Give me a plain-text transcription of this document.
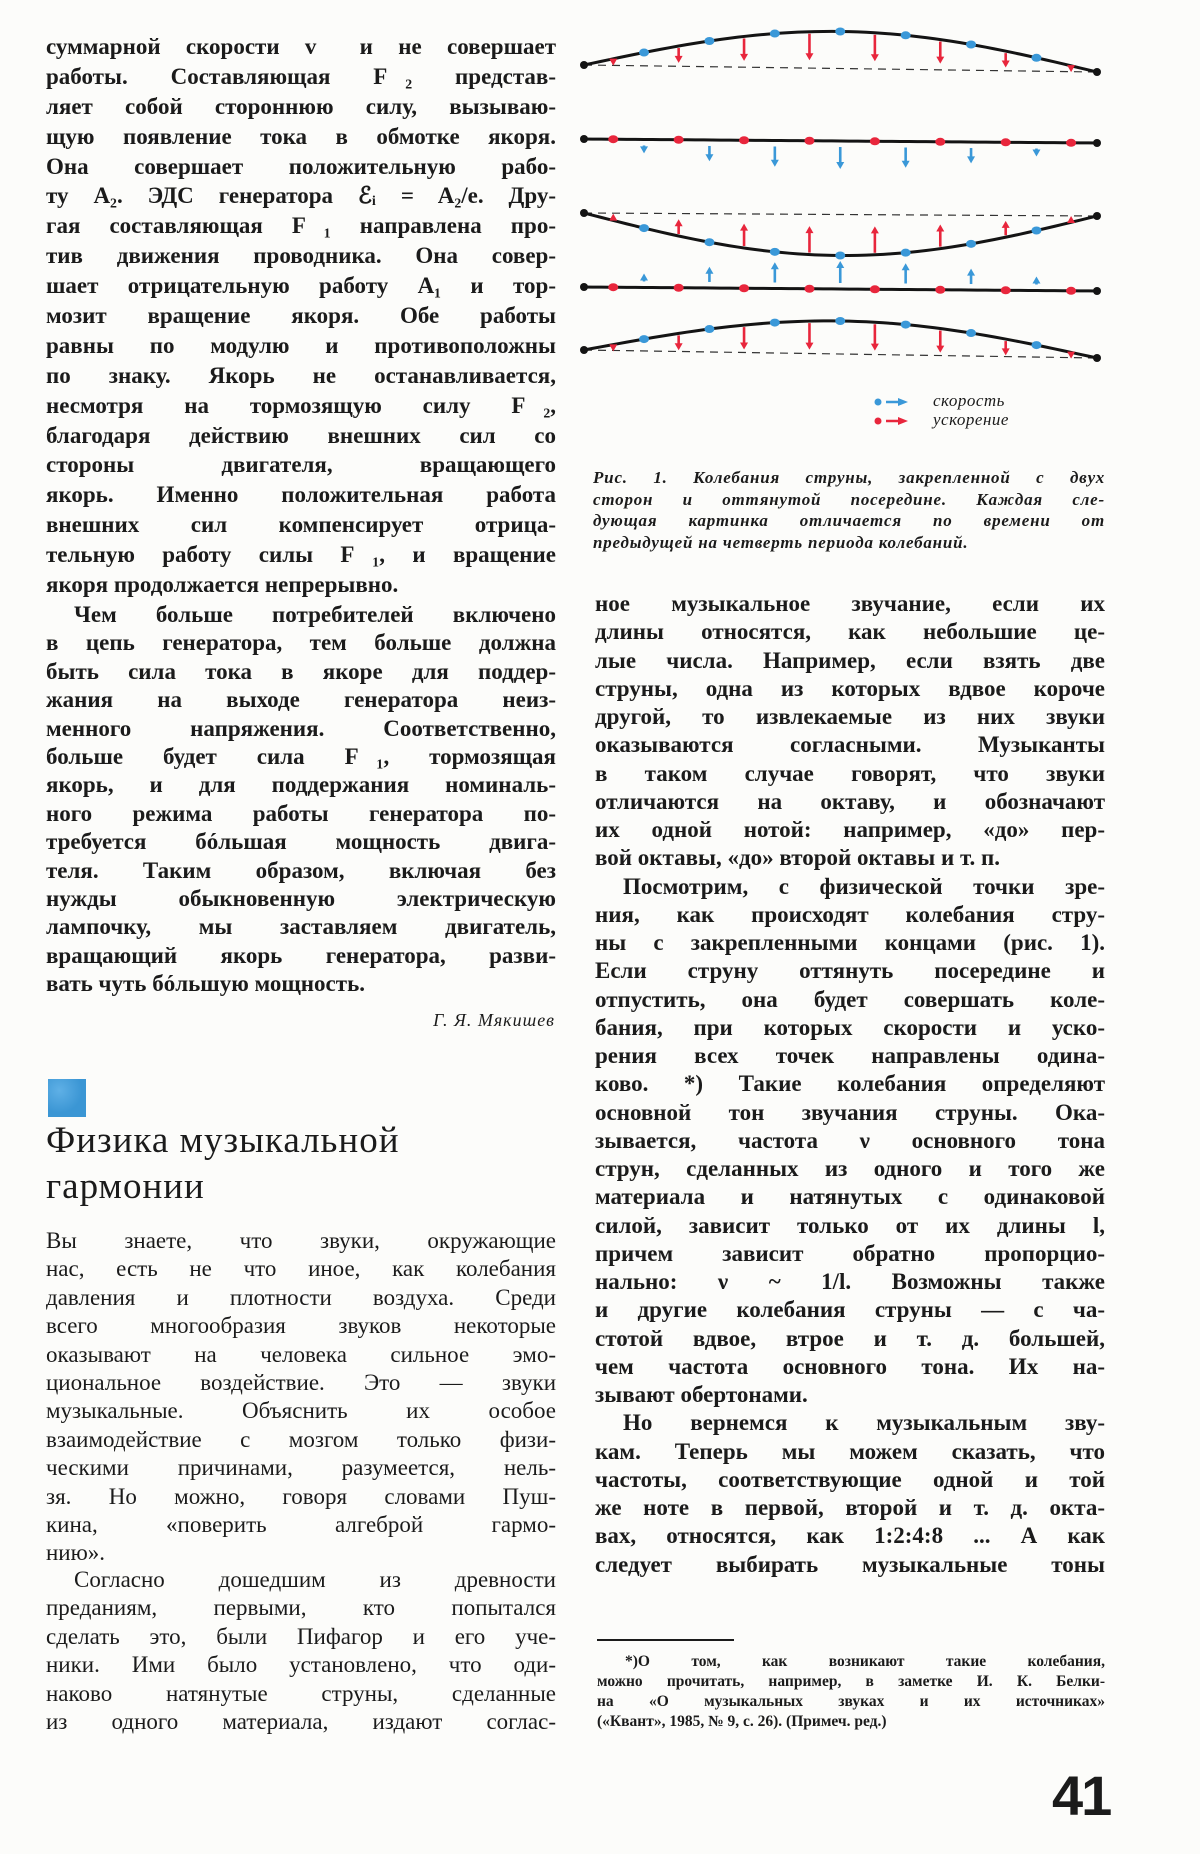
суммарной скорости v⃗ и не совершает
работы. Составляющая F⃗₂ представ-
ляет собой стороннюю силу, вызываю-
щую появление тока в обмотке якоря.
Она совершает положительную рабо-
ту A₂. ЭДС генератора ℰᵢ = A₂/e. Дру-
гая составляющая F⃗₁ направлена про-
тив движения проводника. Она совер-
шает отрицательную работу A₁ и тор-
мозит вращение якоря. Обе работы
равны по модулю и противоположны
по знаку. Якорь не останавливается,
несмотря на тормозящую силу F⃗₂,
благодаря действию внешних сил со
стороны двигателя, вращающего
якорь. Именно положительная работа
внешних сил компенсирует отрица-
тельную работу силы F⃗₁, и вращение
якоря продолжается непрерывно.
Чем больше потребителей включено
в цепь генератора, тем больше должна
быть сила тока в якоре для поддер-
жания на выходе генератора неиз-
менного напряжения. Соответственно,
больше будет сила F⃗₁, тормозящая
якорь, и для поддержания номиналь-
ного режима работы генератора по-
требуется бóльшая мощность двига-
теля. Таким образом, включая без
нужды обыкновенную электрическую
лампочку, мы заставляем двигатель,
вращающий якорь генератора, разви-
вать чуть бóльшую мощность.
Г. Я. Мякишев
Физика музыкальной
гармонии
Вы знаете, что звуки, окружающие
нас, есть не что иное, как колебания
давления и плотности воздуха. Среди
всего многообразия звуков некоторые
оказывают на человека сильное эмо-
циональное воздействие. Это — звуки
музыкальные. Объяснить их особое
взаимодействие с мозгом только физи-
ческими причинами, разумеется, нель-
зя. Но можно, говоря словами Пуш-
кина, «поверить алгеброй гармо-
нию».
Согласно дошедшим из древности
преданиям, первыми, кто попытался
сделать это, были Пифагор и его уче-
ники. Ими было установлено, что оди-
наково натянутые струны, сделанные
из одного материала, издают соглас-
скорость
ускорение
Рис. 1. Колебания струны, закрепленной с двух
сторон и оттянутой посередине. Каждая сле-
дующая картинка отличается по времени от
предыдущей на четверть периода колебаний.
ное музыкальное звучание, если их
длины относятся, как небольшие це-
лые числа. Например, если взять две
струны, одна из которых вдвое короче
другой, то извлекаемые из них звуки
оказываются согласными. Музыканты
в таком случае говорят, что звуки
отличаются на октаву, и обозначают
их одной нотой: например, «до» пер-
вой октавы, «до» второй октавы и т. п.
Посмотрим, с физической точки зре-
ния, как происходят колебания стру-
ны с закрепленными концами (рис. 1).
Если струну оттянуть посередине и
отпустить, она будет совершать коле-
бания, при которых скорости и уско-
рения всех точек направлены одина-
ково. *) Такие колебания определяют
основной тон звучания струны. Ока-
зывается, частота ν основного тона
струн, сделанных из одного и того же
материала и натянутых с одинаковой
силой, зависит только от их длины l,
причем зависит обратно пропорцио-
нально: ν ~ 1/l. Возможны также
и другие колебания струны — с ча-
стотой вдвое, втрое и т. д. большей,
чем частота основного тона. Их на-
зывают обертонами.
Но вернемся к музыкальным зву-
кам. Теперь мы можем сказать, что
частоты, соответствующие одной и той
же ноте в первой, второй и т. д. окта-
вах, относятся, как 1:2:4:8 ... А как
следует выбирать музыкальные тоны
*)О том, как возникают такие колебания,
можно прочитать, например, в заметке И. К. Белки-
на «О музыкальных звуках и их источниках»
(«Квант», 1985, № 9, с. 26). (Примеч. ред.)
41
